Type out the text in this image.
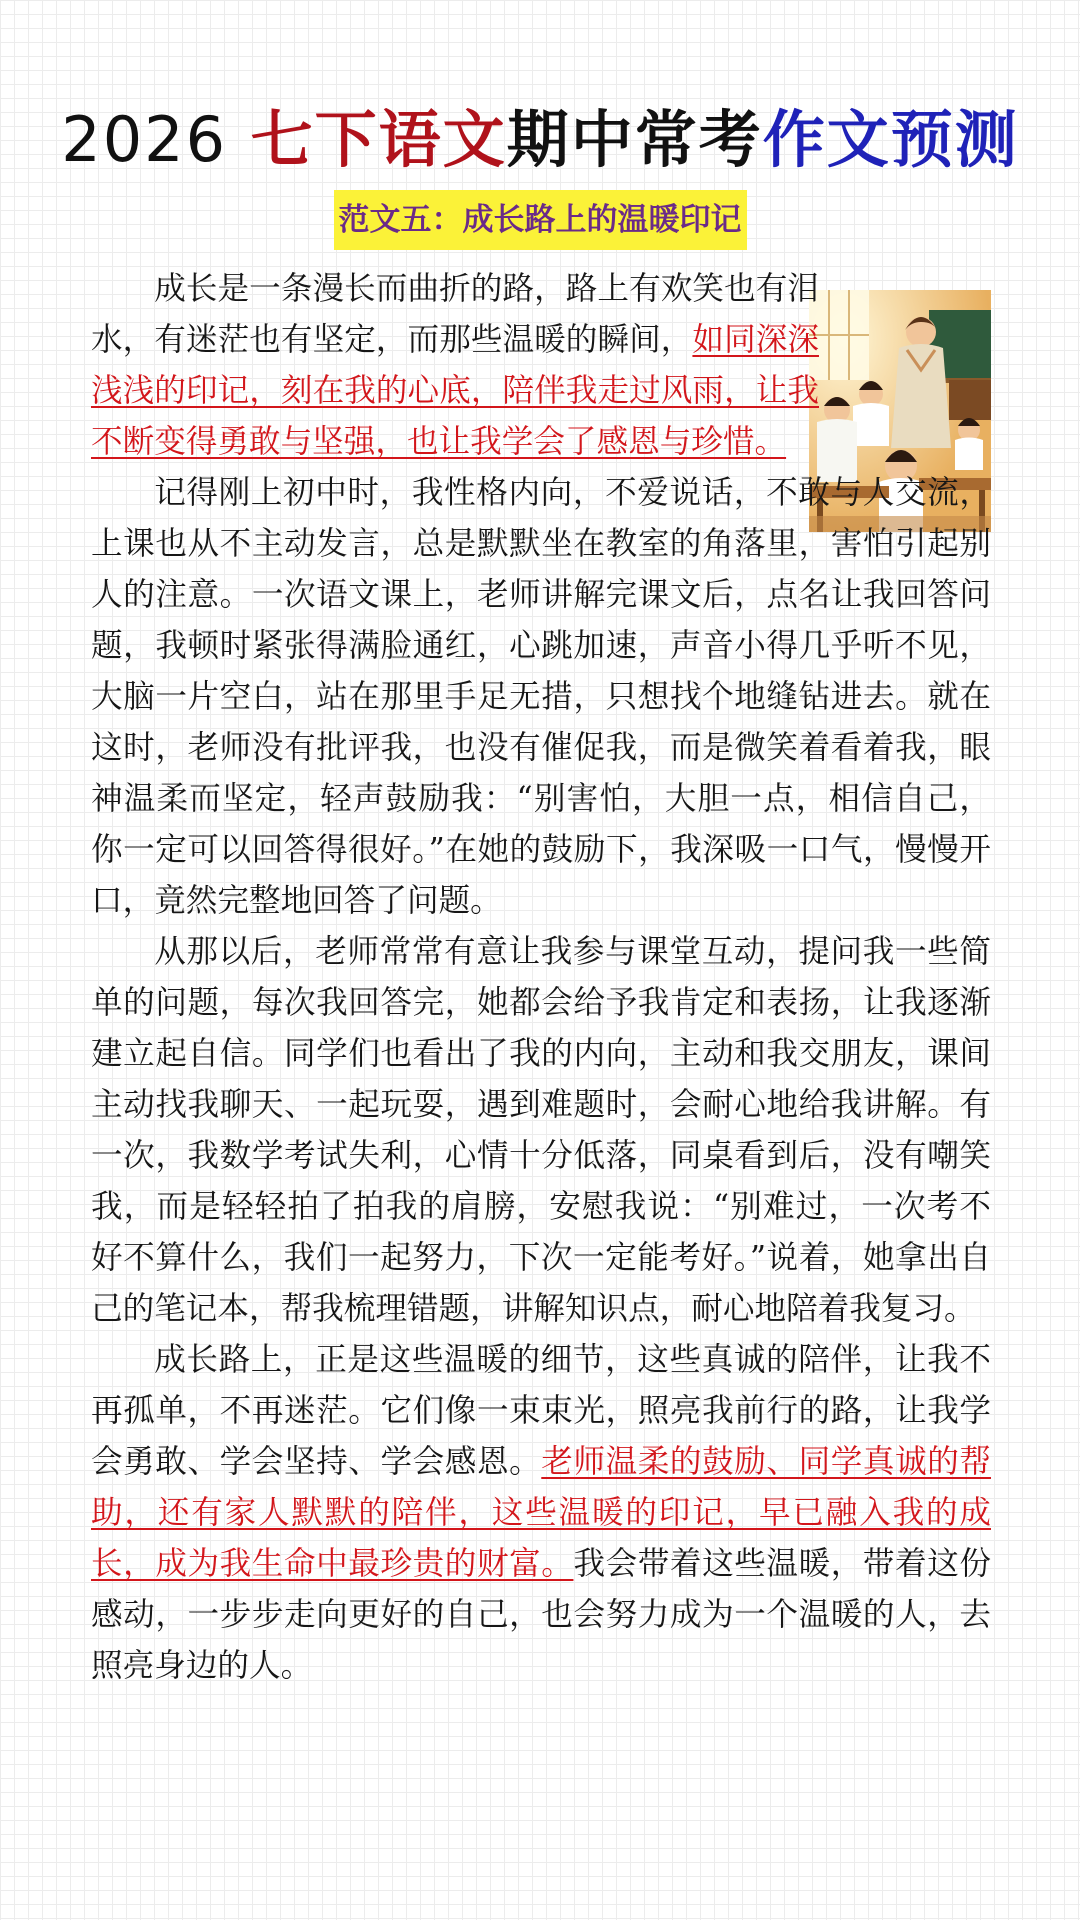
2026 七下语文期中常考作文预测
范文五：成长路上的温暖印记

成长是一条漫长而曲折的路，路上有欢笑也有泪水，有迷茫也有坚定，而那些温暖的瞬间，如同深深浅浅的印记，刻在我的心底，陪伴我走过风雨，让我不断变得勇敢与坚强，也让我学会了感恩与珍惜。

记得刚上初中时，我性格内向，不爱说话，不敢与人交流，上课也从不主动发言，总是默默坐在教室的角落里，害怕引起别人的注意。一次语文课上，老师讲解完课文后，点名让我回答问题，我顿时紧张得满脸通红，心跳加速，声音小得几乎听不见，大脑一片空白，站在那里手足无措，只想找个地缝钻进去。就在这时，老师没有批评我，也没有催促我，而是微笑着看着我，眼神温柔而坚定，轻声鼓励我：“别害怕，大胆一点，相信自己，你一定可以回答得很好。”在她的鼓励下，我深吸一口气，慢慢开口，竟然完整地回答了问题。

从那以后，老师常常有意让我参与课堂互动，提问我一些简单的问题，每次我回答完，她都会给予我肯定和表扬，让我逐渐建立起自信。同学们也看出了我的内向，主动和我交朋友，课间主动找我聊天、一起玩耍，遇到难题时，会耐心地给我讲解。有一次，我数学考试失利，心情十分低落，同桌看到后，没有嘲笑我，而是轻轻拍了拍我的肩膀，安慰我说：“别难过，一次考不好不算什么，我们一起努力，下次一定能考好。”说着，她拿出自己的笔记本，帮我梳理错题，讲解知识点，耐心地陪着我复习。

成长路上，正是这些温暖的细节，这些真诚的陪伴，让我不再孤单，不再迷茫。它们像一束束光，照亮我前行的路，让我学会勇敢、学会坚持、学会感恩。老师温柔的鼓励、同学真诚的帮助，还有家人默默的陪伴，这些温暖的印记，早已融入我的成长，成为我生命中最珍贵的财富。我会带着这些温暖，带着这份感动，一步步走向更好的自己，也会努力成为一个温暖的人，去照亮身边的人。
